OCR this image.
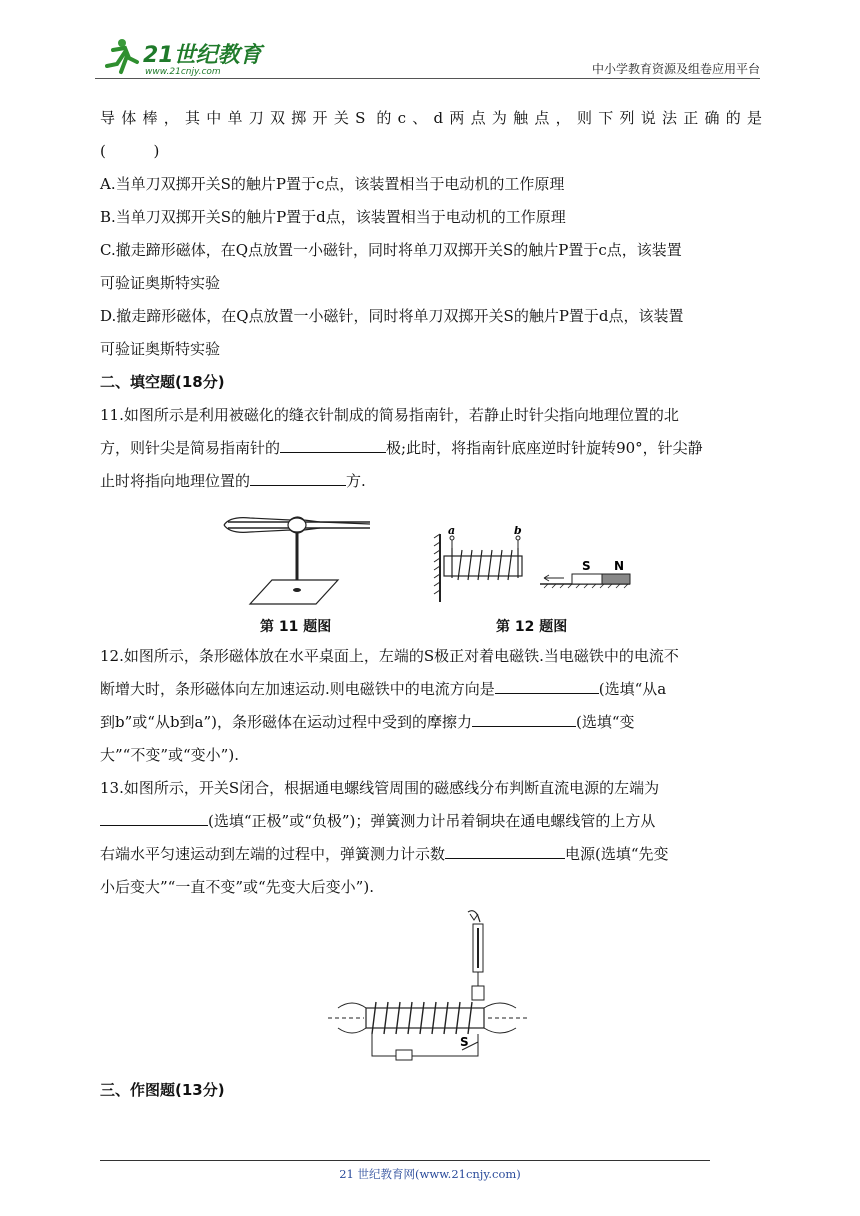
21世纪教育
www.21cnjy.com	中小学教育资源及组卷应用平台

导体棒，其中单刀双掷开关S 的c、d两点为触点，则下列说法正确的是

(          )

A.当单刀双掷开关S的触片P置于c点，该装置相当于电动机的工作原理

B.当单刀双掷开关S的触片P置于d点，该装置相当于电动机的工作原理

C.撤走蹄形磁体，在Q点放置一小磁针，同时将单刀双掷开关S的触片P置于c点，该装置

可验证奥斯特实验

D.撤走蹄形磁体，在Q点放置一小磁针，同时将单刀双掷开关S的触片P置于d点，该装置

可验证奥斯特实验

二、填空题(18分)

11.如图所示是利用被磁化的缝衣针制成的简易指南针，若静止时针尖指向地理位置的北

方，则针尖是简易指南针的	极;此时，将指南针底座逆时针旋转90°，针尖静

止时将指向地理位置的	方.

第 11 题图
a	b
S N
第 12 题图

12.如图所示，条形磁体放在水平桌面上，左端的S极正对着电磁铁.当电磁铁中的电流不

断增大时，条形磁体向左加速运动.则电磁铁中的电流方向是	(选填“从a

到b”或“从b到a”)，条形磁体在运动过程中受到的摩擦力	(选填“变

大”“不变”或“变小”).

13.如图所示，开关S闭合，根据通电螺线管周围的磁感线分布判断直流电源的左端为

(选填“正极”或“负极”)；弹簧测力计吊着铜块在通电螺线管的上方从

右端水平匀速运动到左端的过程中，弹簧测力计示数	电源(选填“先变

小后变大”“一直不变”或“先变大后变小”).

S

三、作图题(13分)

21 世纪教育网(www.21cnjy.com)
